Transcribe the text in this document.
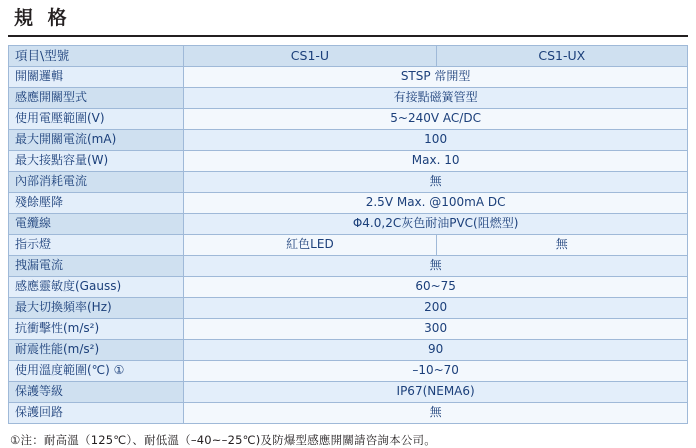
規 格
項目\型號	CS1-U	CS1-UX
開關邏輯	STSP 常開型	
感應開關型式	有接點磁簧管型	
使用電壓範圍(V)	5~240V AC/DC	
最大開關電流(mA)	100	
最大接點容量(W)	Max. 10	
內部消耗電流	無	
殘餘壓降	2.5V Max. @100mA DC	
電纜線	Φ4.0,2C灰色耐油PVC(阻燃型)	
指示燈	紅色LED	無
拽漏電流	無	
感應靈敏度(Gauss)	60~75	
最大切換頻率(Hz)	200	
抗衝擊性(m/s²)	300	
耐震性能(m/s²)	90	
使用溫度範圍(℃) ①	–10~70	
保護等級	IP67(NEMA6)	
保護回路	無	
①注：耐高溫（125℃）、耐低溫（–40~–25℃)及防爆型感應開關請咨詢本公司。
